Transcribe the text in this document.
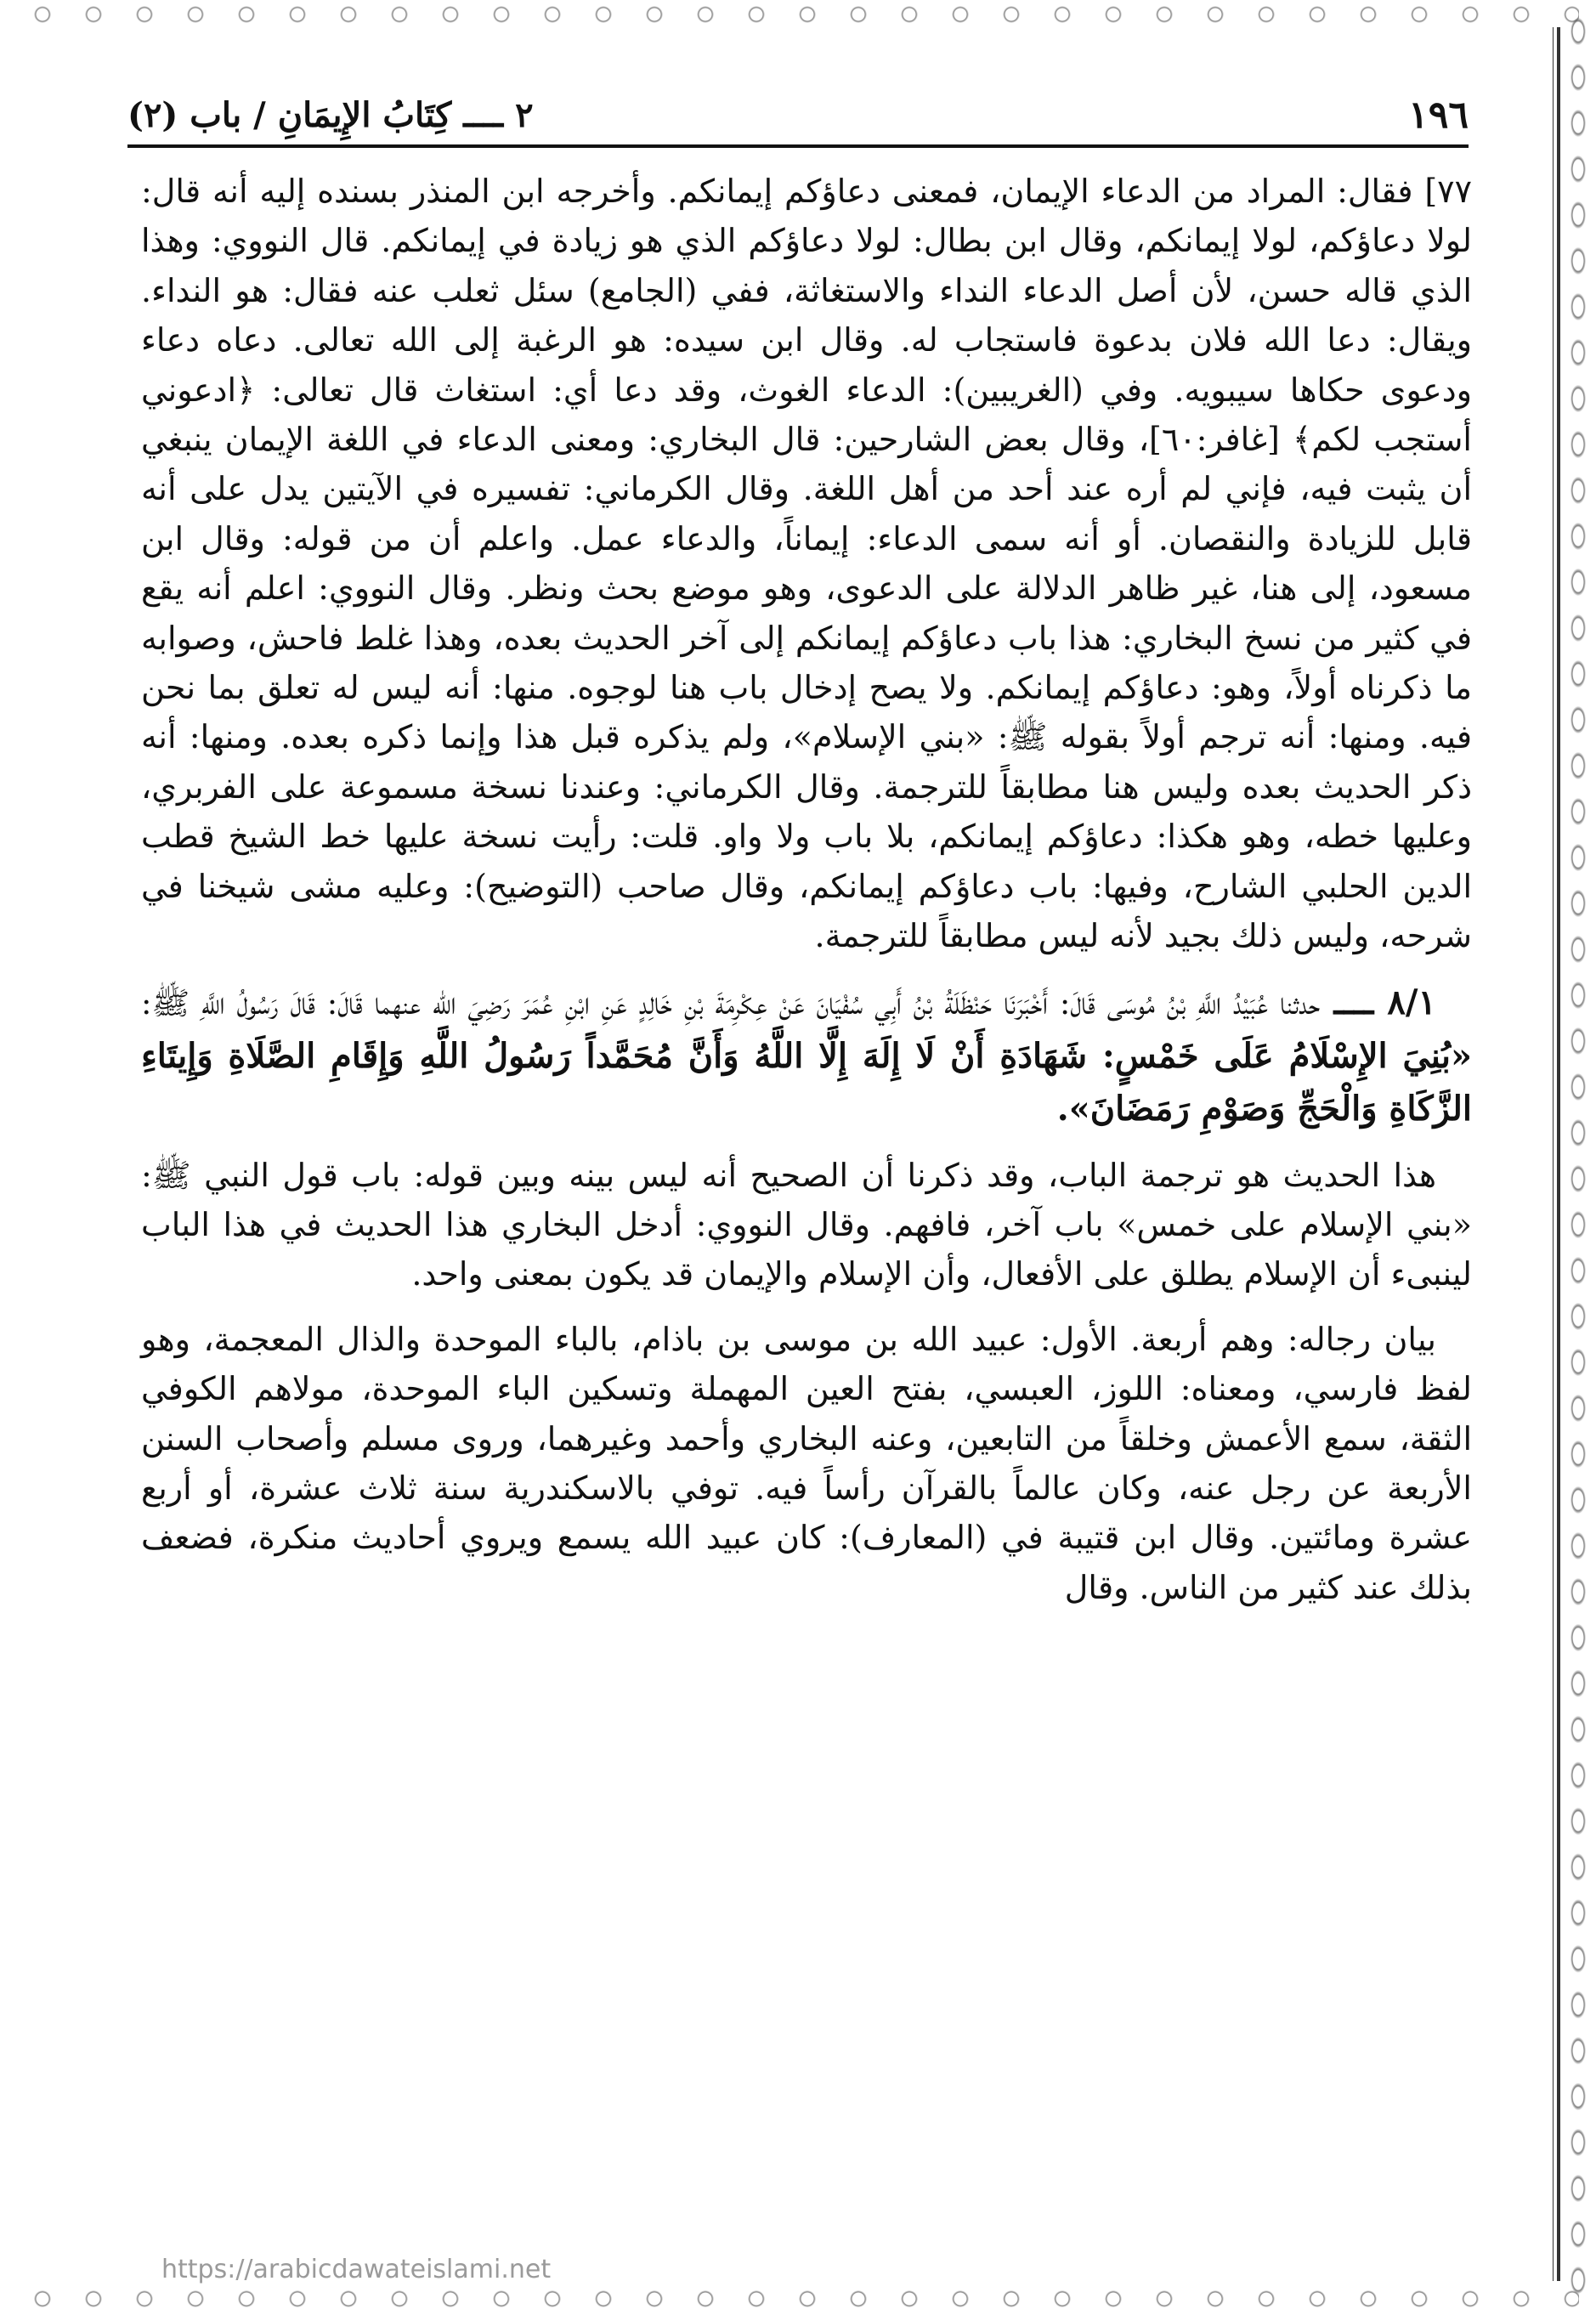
١٩٦
٢ ــــ كِتَابُ الإِيمَانِ / باب (٢)

٧٧] فقال: المراد من الدعاء الإيمان، فمعنى دعاؤكم إيمانكم. وأخرجه ابن المنذر بسنده إليه أنه قال: لولا دعاؤكم، لولا إيمانكم، وقال ابن بطال: لولا دعاؤكم الذي هو زيادة في إيمانكم. قال النووي: وهذا الذي قاله حسن، لأن أصل الدعاء النداء والاستغاثة، ففي (الجامع) سئل ثعلب عنه فقال: هو النداء. ويقال: دعا الله فلان بدعوة فاستجاب له. وقال ابن سيده: هو الرغبة إلى الله تعالى. دعاه دعاء ودعوى حكاها سيبويه. وفي (الغريبين): الدعاء الغوث، وقد دعا أي: استغاث قال تعالى: ﴿ادعوني أستجب لكم﴾ [غافر:٦٠]، وقال بعض الشارحين: قال البخاري: ومعنى الدعاء في اللغة الإيمان ينبغي أن يثبت فيه، فإني لم أره عند أحد من أهل اللغة. وقال الكرماني: تفسيره في الآيتين يدل على أنه قابل للزيادة والنقصان. أو أنه سمى الدعاء: إيماناً، والدعاء عمل. واعلم أن من قوله: وقال ابن مسعود، إلى هنا، غير ظاهر الدلالة على الدعوى، وهو موضع بحث ونظر. وقال النووي: اعلم أنه يقع في كثير من نسخ البخاري: هذا باب دعاؤكم إيمانكم إلى آخر الحديث بعده، وهذا غلط فاحش، وصوابه ما ذكرناه أولاً، وهو: دعاؤكم إيمانكم. ولا يصح إدخال باب هنا لوجوه. منها: أنه ليس له تعلق بما نحن فيه. ومنها: أنه ترجم أولاً بقوله ﷺ: «بني الإسلام»، ولم يذكره قبل هذا وإنما ذكره بعده. ومنها: أنه ذكر الحديث بعده وليس هنا مطابقاً للترجمة. وقال الكرماني: وعندنا نسخة مسموعة على الفربري، وعليها خطه، وهو هكذا: دعاؤكم إيمانكم، بلا باب ولا واو. قلت: رأيت نسخة عليها خط الشيخ قطب الدين الحلبي الشارح، وفيها: باب دعاؤكم إيمانكم، وقال صاحب (التوضيح): وعليه مشى شيخنا في شرحه، وليس ذلك بجيد لأنه ليس مطابقاً للترجمة.

٨/١ ــــ حدثنا عُبَيْدُ اللَّهِ بْنُ مُوسَى قَالَ: أَخْبَرَنَا حَنْظَلَةُ بْنُ أَبِي سُفْيَانَ عَنْ عِكْرِمَةَ بْنِ خَالِدٍ عَنِ ابْنِ عُمَرَ رَضِيَ الله عنهما قَالَ: قَالَ رَسُولُ اللَّهِ ﷺ: «بُنِيَ الإِسْلَامُ عَلَى خَمْسٍ: شَهَادَةِ أَنْ لَا إِلَهَ إِلَّا اللَّهُ وَأَنَّ مُحَمَّداً رَسُولُ اللَّهِ وَإِقَامِ الصَّلَاةِ وَإِيتَاءِ الزَّكَاةِ وَالْحَجِّ وَصَوْمِ رَمَضَانَ».

هذا الحديث هو ترجمة الباب، وقد ذكرنا أن الصحيح أنه ليس بينه وبين قوله: باب قول النبي ﷺ: «بني الإسلام على خمس» باب آخر، فافهم. وقال النووي: أدخل البخاري هذا الحديث في هذا الباب لينبىء أن الإسلام يطلق على الأفعال، وأن الإسلام والإيمان قد يكون بمعنى واحد.

بيان رجاله: وهم أربعة. الأول: عبيد الله بن موسى بن باذام، بالباء الموحدة والذال المعجمة، وهو لفظ فارسي، ومعناه: اللوز، العبسي، بفتح العين المهملة وتسكين الباء الموحدة، مولاهم الكوفي الثقة، سمع الأعمش وخلقاً من التابعين، وعنه البخاري وأحمد وغيرهما، وروى مسلم وأصحاب السنن الأربعة عن رجل عنه، وكان عالماً بالقرآن رأساً فيه. توفي بالاسكندرية سنة ثلاث عشرة، أو أربع عشرة ومائتين. وقال ابن قتيبة في (المعارف): كان عبيد الله يسمع ويروي أحاديث منكرة، فضعف بذلك عند كثير من الناس. وقال

https://arabicdawateislami.net
